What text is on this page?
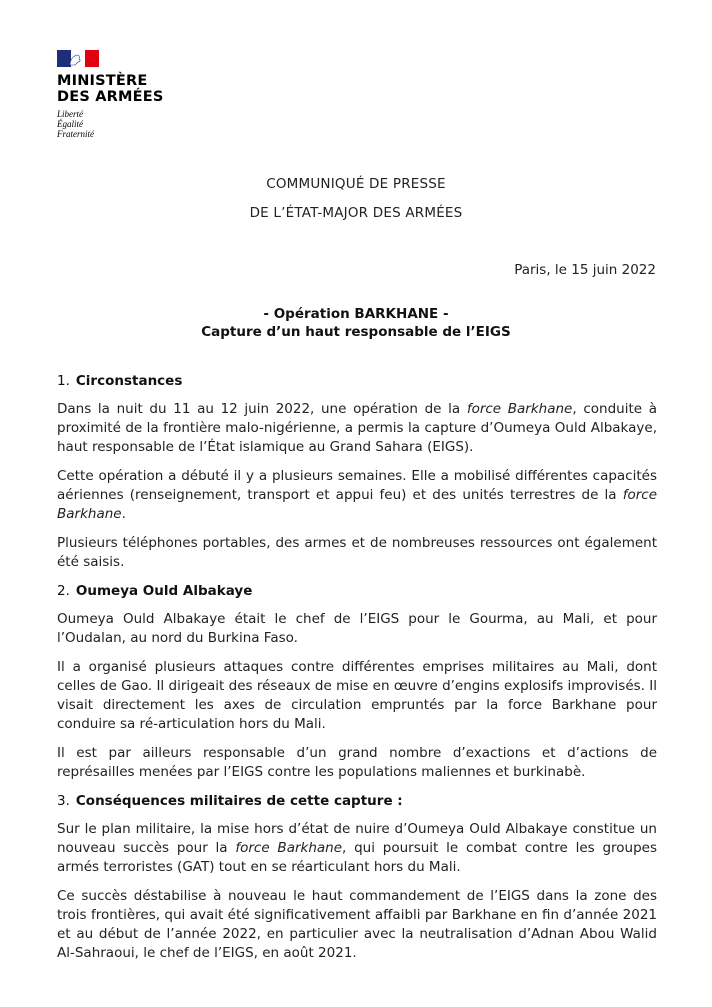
MINISTÈRE
DES ARMÉES
Liberté
Égalité
Fraternité
COMMUNIQUÉ DE PRESSE
DE L’ÉTAT-MAJOR DES ARMÉES
Paris, le 15 juin 2022
- Opération BARKHANE -
Capture d’un haut responsable de l’EIGS
1. Circonstances

Dans la nuit du 11 au 12 juin 2022, une opération de la force Barkhane, conduite à proximité de la frontière malo-nigérienne, a permis la capture d’Oumeya Ould Albakaye, haut responsable de l’État islamique au Grand Sahara (EIGS).

Cette opération a débuté il y a plusieurs semaines. Elle a mobilisé différentes capacités aériennes (renseignement, transport et appui feu) et des unités terrestres de la force Barkhane.

Plusieurs téléphones portables, des armes et de nombreuses ressources ont également été saisis.

2. Oumeya Ould Albakaye

Oumeya Ould Albakaye était le chef de l’EIGS pour le Gourma, au Mali, et pour l’Oudalan, au nord du Burkina Faso.

Il a organisé plusieurs attaques contre différentes emprises militaires au Mali, dont celles de Gao. Il dirigeait des réseaux de mise en œuvre d’engins explosifs improvisés. Il visait directement les axes de circulation empruntés par la force Barkhane pour conduire sa ré-articulation hors du Mali.

Il est par ailleurs responsable d’un grand nombre d’exactions et d’actions de représailles menées par l’EIGS contre les populations maliennes et burkinabè.

3. Conséquences militaires de cette capture :

Sur le plan militaire, la mise hors d’état de nuire d’Oumeya Ould Albakaye constitue un nouveau succès pour la force Barkhane, qui poursuit le combat contre les groupes armés terroristes (GAT) tout en se réarticulant hors du Mali.

Ce succès déstabilise à nouveau le haut commandement de l’EIGS dans la zone des trois frontières, qui avait été significativement affaibli par Barkhane en fin d’année 2021 et au début de l’année 2022, en particulier avec la neutralisation d’Adnan Abou Walid Al-Sahraoui, le chef de l’EIGS, en août 2021.
